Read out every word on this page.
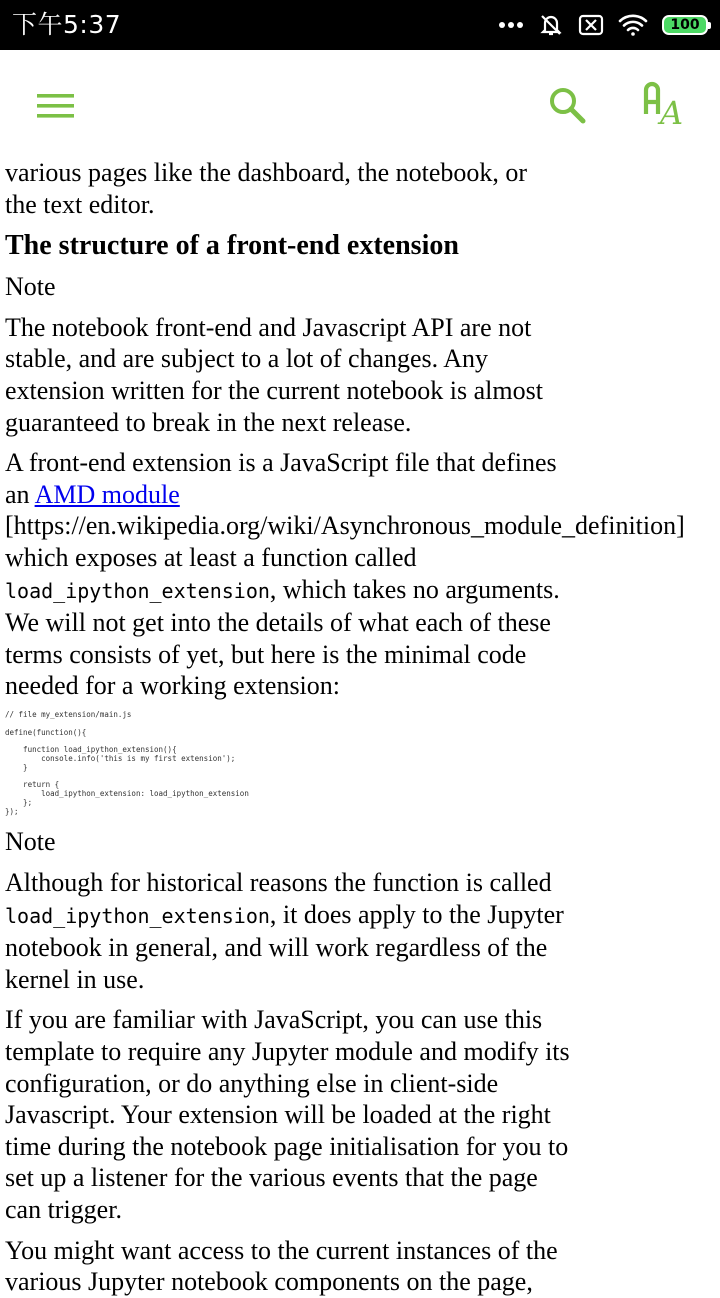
下午5:37	100
A

various pages like the dashboard, the notebook, or
the text editor.

The structure of a front-end extension

Note

The notebook front-end and Javascript API are not stable, and are subject to a lot of changes. Any extension written for the current notebook is almost guaranteed to break in the next release.

A front-end extension is a JavaScript file that defines an AMD module
[https://en.wikipedia.org/wiki/Asynchronous_module_definition]
which exposes at least a function called load_ipython_extension, which takes no arguments. We will not get into the details of what each of these terms consists of yet, but here is the minimal code needed for a working extension:

// file my_extension/main.js

define(function(){

function load_ipython_extension(){
console.info('this is my first extension');
}

return {
load_ipython_extension: load_ipython_extension
};
});

Note

Although for historical reasons the function is called load_ipython_extension, it does apply to the Jupyter notebook in general, and will work regardless of the kernel in use.

If you are familiar with JavaScript, you can use this template to require any Jupyter module and modify its configuration, or do anything else in client-side Javascript. Your extension will be loaded at the right time during the notebook page initialisation for you to set up a listener for the various events that the page can trigger.

You might want access to the current instances of the various Jupyter notebook components on the page,
